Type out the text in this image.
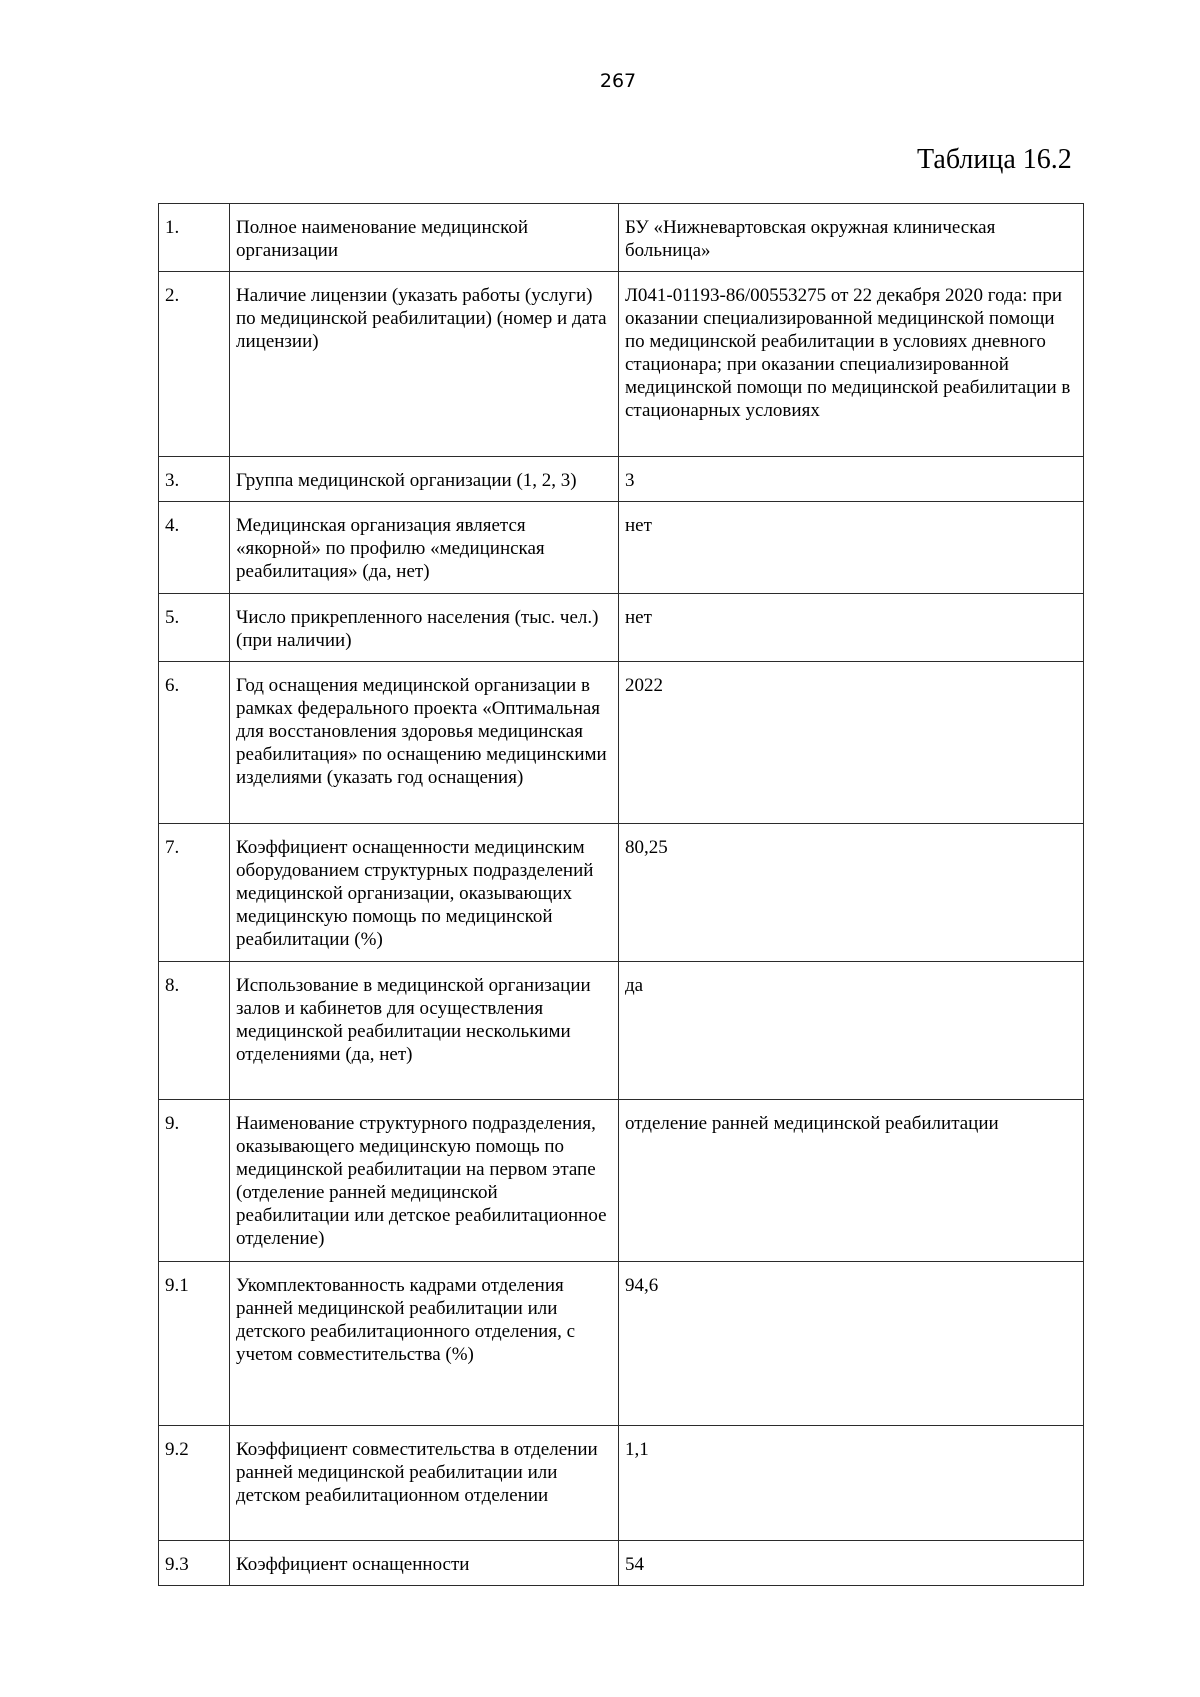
267
Таблица 16.2
1.	Полное наименование медицинской организации	БУ «Нижневартовская окружная клиническая больница»
2.	Наличие лицензии (указать работы (услуги) по медицинской реабилитации) (номер и дата лицензии)	Л041-01193-86/00553275 от 22 декабря 2020 года: при оказании специализированной медицинской помощи по медицинской реабилитации в условиях дневного стационара; при оказании специализированной медицинской помощи по медицинской реабилитации в стационарных условиях
3.	Группа медицинской организации (1, 2, 3)	3
4.	Медицинская организация является «якорной» по профилю «медицинская реабилитация» (да, нет)	нет
5.	Число прикрепленного населения (тыс. чел.) (при наличии)	нет
6.	Год оснащения медицинской организации в рамках федерального проекта «Оптимальная для восстановления здоровья медицинская реабилитация» по оснащению медицинскими изделиями (указать год оснащения)	2022
7.	Коэффициент оснащенности медицинским оборудованием структурных подразделений медицинской организации, оказывающих медицинскую помощь по медицинской реабилитации (%)	80,25
8.	Использование в медицинской организации залов и кабинетов для осуществления медицинской реабилитации несколькими отделениями (да, нет)	да
9.	Наименование структурного подразделения, оказывающего медицинскую помощь по медицинской реабилитации на первом этапе (отделение ранней медицинской реабилитации или детское реабилитационное отделение)	отделение ранней медицинской реабилитации
9.1	Укомплектованность кадрами отделения ранней медицинской реабилитации или детского реабилитационного отделения, с учетом совместительства (%)	94,6
9.2	Коэффициент совместительства в отделении ранней медицинской реабилитации или детском реабилитационном отделении	1,1
9.3	Коэффициент оснащенности	54
